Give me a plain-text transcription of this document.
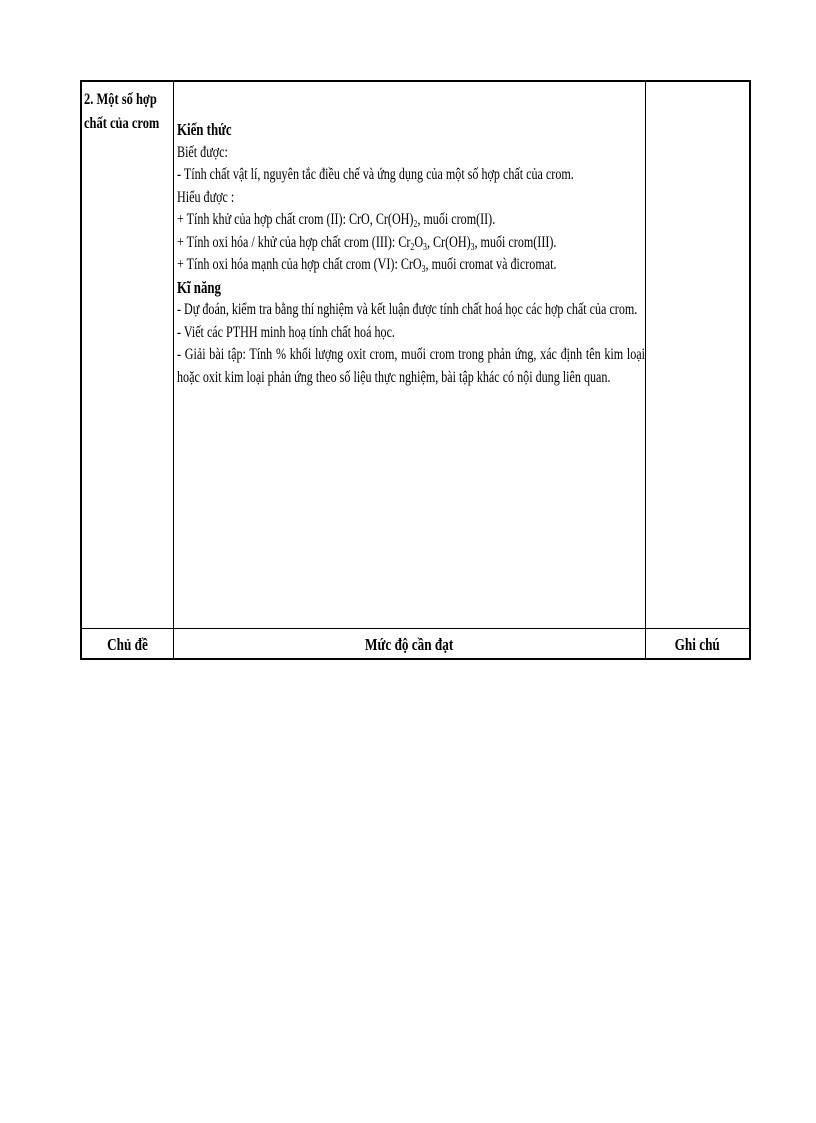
2. Một số hợp
chất của crom	Kiến thức
Biết được:
- Tính chất vật lí, nguyên tắc điều chế và ứng dụng của một số hợp chất của crom.
Hiểu được :
+ Tính khử của hợp chất crom (II): CrO, $Cr(OH)_2$, muối crom(II).
+ Tính oxi hóa / khử của hợp chất crom (III): $Cr_2O_3$, $Cr(OH)_3$, muối crom(III).
+ Tính oxi hóa mạnh của hợp chất crom (VI): CrO$_3$, muối cromat và đicromat.
Kĩ năng
- Dự đoán, kiểm tra bằng thí nghiệm và kết luận được tính chất hoá học các hợp chất của crom.
- Viết các PTHH minh hoạ tính chất hoá học.
- Giải bài tập: Tính % khối lượng oxit crom, muối crom trong phản ứng, xác định tên kim loại hoặc oxit kim loại phản ứng theo số liệu thực nghiệm, bài tập khác có nội dung liên quan.
Chủ đề	Mức độ cần đạt	Ghi chú
